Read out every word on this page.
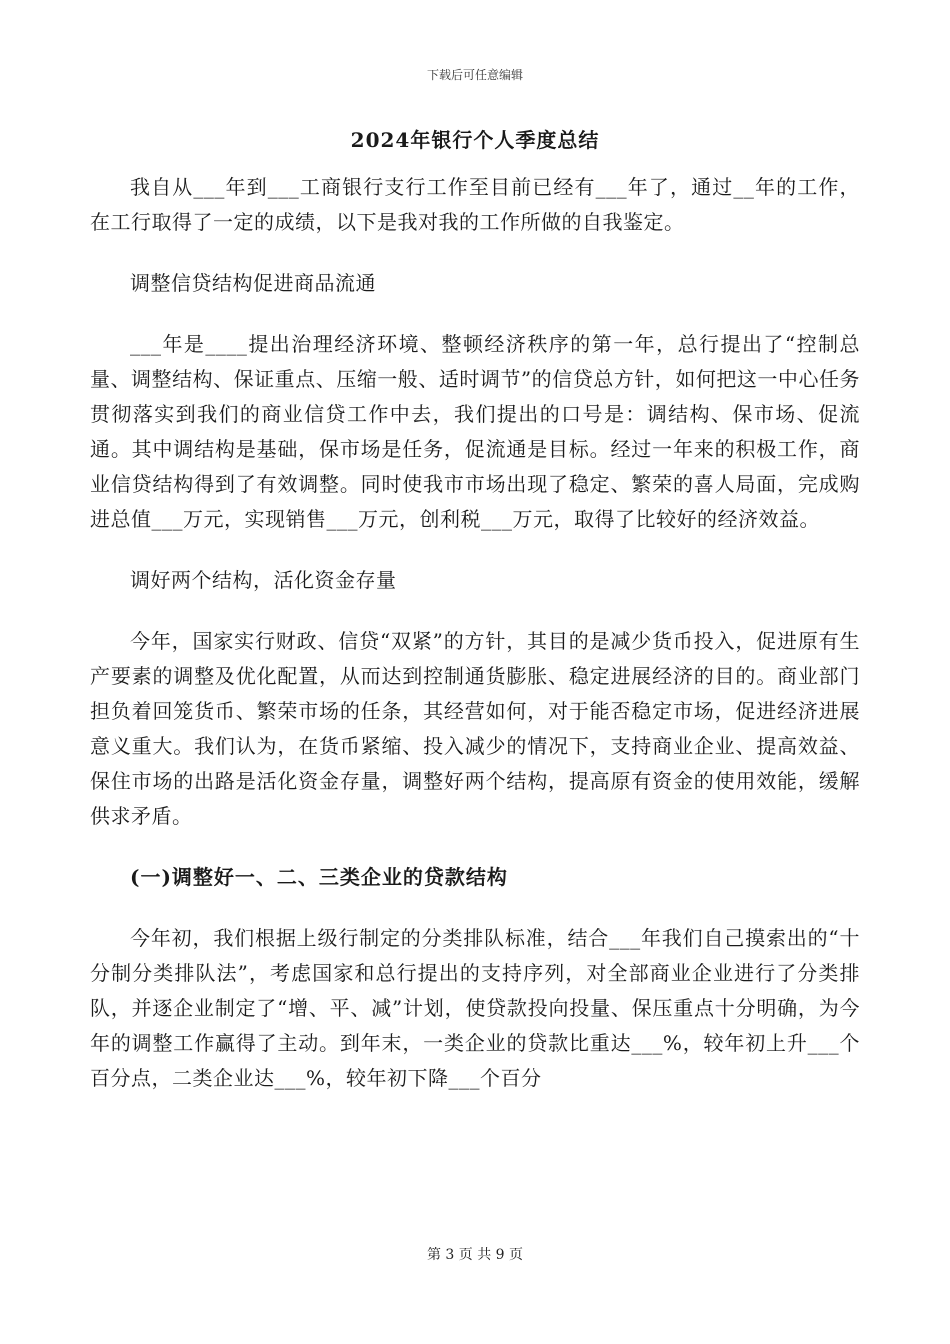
下载后可任意编辑
2024年银行个人季度总结

我自从___年到___工商银行支行工作至目前已经有___年了，通过__年的工作，在工行取得了一定的成绩，以下是我对我的工作所做的自我鉴定。

调整信贷结构促进商品流通

___年是____提出治理经济环境、整顿经济秩序的第一年，总行提出了“控制总量、调整结构、保证重点、压缩一般、适时调节”的信贷总方针，如何把这一中心任务贯彻落实到我们的商业信贷工作中去，我们提出的口号是：调结构、保市场、促流通。其中调结构是基础，保市场是任务，促流通是目标。经过一年来的积极工作，商业信贷结构得到了有效调整。同时使我市市场出现了稳定、繁荣的喜人局面，完成购进总值___万元，实现销售___万元，创利税___万元，取得了比较好的经济效益。

调好两个结构，活化资金存量

今年，国家实行财政、信贷“双紧”的方针，其目的是减少货币投入，促进原有生产要素的调整及优化配置，从而达到控制通货膨胀、稳定进展经济的目的。商业部门担负着回笼货币、繁荣市场的任条，其经营如何，对于能否稳定市场，促进经济进展意义重大。我们认为，在货币紧缩、投入减少的情况下，支持商业企业、提高效益、保住市场的出路是活化资金存量，调整好两个结构，提高原有资金的使用效能，缓解供求矛盾。

(一)调整好一、二、三类企业的贷款结构

今年初，我们根据上级行制定的分类排队标准，结合___年我们自己摸索出的“十分制分类排队法”，考虑国家和总行提出的支持序列，对全部商业企业进行了分类排队，并逐企业制定了“增、平、减”计划，使贷款投向投量、保压重点十分明确，为今年的调整工作赢得了主动。到年末，一类企业的贷款比重达___%，较年初上升___个百分点，二类企业达___%，较年初下降___个百分

第 3 页 共 9 页
